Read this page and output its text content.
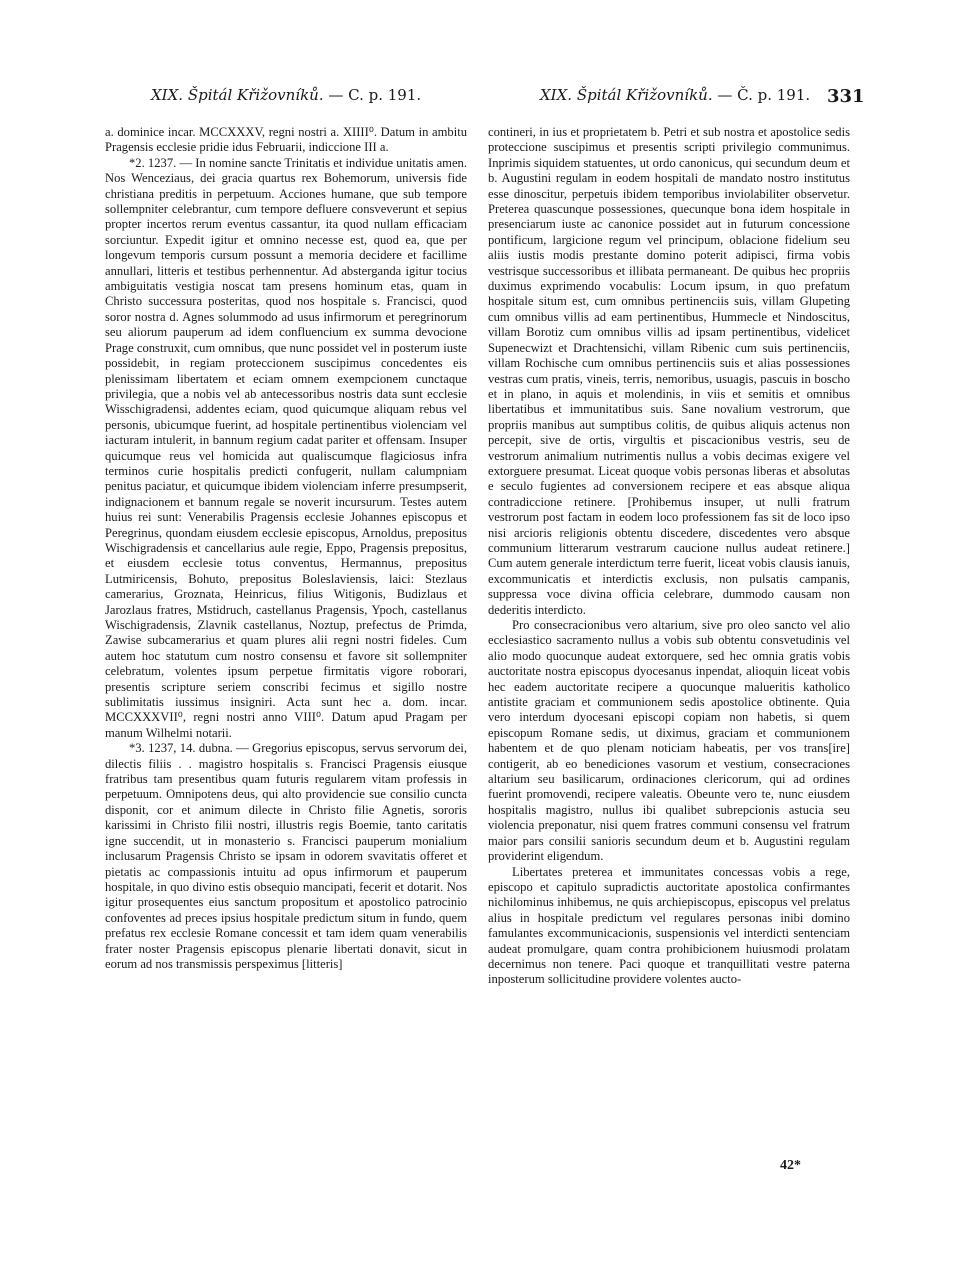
XIX. Špitál Křižovníků. — C. p. 191.	XIX. Špitál Křižovníků. — Č. p. 191. 331

a. dominice incar. MCCXXXV, regni nostri a. XIIII⁰. Datum in ambitu Pragensis ecclesie pridie idus Februarii, indiccione III a.

*2. 1237. — In nomine sancte Trinitatis et individue unitatis amen. Nos Wenceziaus, dei gracia quartus rex Bohemorum, universis fide christiana preditis in perpetuum. Acciones humane, que sub tempore sollempniter celebrantur, cum tempore defluere consveverunt et sepius propter incertos rerum eventus cassantur, ita quod nullam efficaciam sorciuntur. Expedit igitur et omnino necesse est, quod ea, que per longevum temporis cursum possunt a memoria decidere et facillime annullari, litteris et testibus perhennentur. Ad absterganda igitur tocius ambiguitatis vestigia noscat tam presens hominum etas, quam in Christo successura posteritas, quod nos hospitale s. Francisci, quod soror nostra d. Agnes solummodo ad usus infirmorum et peregrinorum seu aliorum pauperum ad idem confluencium ex summa devocione Prage construxit, cum omnibus, que nunc possidet vel in posterum iuste possidebit, in regiam proteccionem suscipimus concedentes eis plenissimam libertatem et eciam omnem exempcionem cunctaque privilegia, que a nobis vel ab antecessoribus nostris data sunt ecclesie Wisschigradensi, addentes eciam, quod quicumque aliquam rebus vel personis, ubicumque fuerint, ad hospitale pertinentibus violenciam vel iacturam intulerit, in bannum regium cadat pariter et offensam. Insuper quicumque reus vel homicida aut qualiscumque flagiciosus infra terminos curie hospitalis predicti confugerit, nullam calumpniam penitus paciatur, et quicumque ibidem violenciam inferre presumpserit, indignacionem et bannum regale se noverit incursurum. Testes autem huius rei sunt: Venerabilis Pragensis ecclesie Johannes episcopus et Peregrinus, quondam eiusdem ecclesie episcopus, Arnoldus, prepositus Wischigradensis et cancellarius aule regie, Eppo, Pragensis prepositus, et eiusdem ecclesie totus conventus, Hermannus, prepositus Lutmiricensis, Bohuto, prepositus Boleslaviensis, laici: Stezlaus camerarius, Groznata, Heinricus, filius Witigonis, Budizlaus et Jarozlaus fratres, Mstidruch, castellanus Pragensis, Ypoch, castellanus Wischigradensis, Zlavnik castellanus, Noztup, prefectus de Primda, Zawise subcamerarius et quam plures alii regni nostri fideles. Cum autem hoc statutum cum nostro consensu et favore sit sollempniter celebratum, volentes ipsum perpetue firmitatis vigore roborari, presentis scripture seriem conscribi fecimus et sigillo nostre sublimitatis iussimus insigniri. Acta sunt hec a. dom. incar. MCCXXXVII⁰, regni nostri anno VIII⁰. Datum apud Pragam per manum Wilhelmi notarii.

*3. 1237, 14. dubna. — Gregorius episcopus, servus servorum dei, dilectis filiis . . magistro hospitalis s. Francisci Pragensis eiusque fratribus tam presentibus quam futuris regularem vitam professis in perpetuum. Omnipotens deus, qui alto providencie sue consilio cuncta disponit, cor et animum dilecte in Christo filie Agnetis, sororis karissimi in Christo filii nostri, illustris regis Boemie, tanto caritatis igne succendit, ut in monasterio s. Francisci pauperum monialium inclusarum Pragensis Christo se ipsam in odorem svavitatis offeret et pietatis ac compassionis intuitu ad opus infirmorum et pauperum hospitale, in quo divino estis obsequio mancipati, fecerit et dotarit. Nos igitur prosequentes eius sanctum propositum et apostolico patrocinio confoventes ad preces ipsius hospitale predictum situm in fundo, quem prefatus rex ecclesie Romane concessit et tam idem quam venerabilis frater noster Pragensis episcopus plenarie libertati donavit, sicut in eorum ad nos transmissis perspeximus [litteris]

contineri, in ius et proprietatem b. Petri et sub nostra et apostolice sedis proteccione suscipimus et presentis scripti privilegio communimus. Inprimis siquidem statuentes, ut ordo canonicus, qui secundum deum et b. Augustini regulam in eodem hospitali de mandato nostro institutus esse dinoscitur, perpetuis ibidem temporibus inviolabiliter observetur. Preterea quascunque possessiones, quecunque bona idem hospitale in presenciarum iuste ac canonice possidet aut in futurum concessione pontificum, largicione regum vel principum, oblacione fidelium seu aliis iustis modis prestante domino poterit adipisci, firma vobis vestrisque successoribus et illibata permaneant. De quibus hec propriis duximus exprimendo vocabulis: Locum ipsum, in quo prefatum hospitale situm est, cum omnibus pertinenciis suis, villam Glupeting cum omnibus villis ad eam pertinentibus, Hummecle et Nindoscitus, villam Borotiz cum omnibus villis ad ipsam pertinentibus, videlicet Supenecwizt et Drachtensichi, villam Ribenic cum suis pertinenciis, villam Rochische cum omnibus pertinenciis suis et alias possessiones vestras cum pratis, vineis, terris, nemoribus, usuagis, pascuis in boscho et in plano, in aquis et molendinis, in viis et semitis et omnibus libertatibus et immunitatibus suis. Sane novalium vestrorum, que propriis manibus aut sumptibus colitis, de quibus aliquis actenus non percepit, sive de ortis, virgultis et piscacionibus vestris, seu de vestrorum animalium nutrimentis nullus a vobis decimas exigere vel extorguere presumat. Liceat quoque vobis personas liberas et absolutas e seculo fugientes ad conversionem recipere et eas absque aliqua contradiccione retinere. [Prohibemus insuper, ut nulli fratrum vestrorum post factam in eodem loco professionem fas sit de loco ipso nisi arcioris religionis obtentu discedere, discedentes vero absque communium litterarum vestrarum caucione nullus audeat retinere.] Cum autem generale interdictum terre fuerit, liceat vobis clausis ianuis, excommunicatis et interdictis exclusis, non pulsatis campanis, suppressa voce divina officia celebrare, dummodo causam non dederitis interdicto.

Pro consecracionibus vero altarium, sive pro oleo sancto vel alio ecclesiastico sacramento nullus a vobis sub obtentu consvetudinis vel alio modo quocunque audeat extorquere, sed hec omnia gratis vobis auctoritate nostra episcopus dyocesanus inpendat, alioquin liceat vobis hec eadem auctoritate recipere a quocunque malueritis katholico antistite graciam et communionem sedis apostolice obtinente. Quia vero interdum dyocesani episcopi copiam non habetis, si quem episcopum Romane sedis, ut diximus, graciam et communionem habentem et de quo plenam noticiam habeatis, per vos trans[ire] contigerit, ab eo benediciones vasorum et vestium, consecraciones altarium seu basilicarum, ordinaciones clericorum, qui ad ordines fuerint promovendi, recipere valeatis. Obeunte vero te, nunc eiusdem hospitalis magistro, nullus ibi qualibet subrepcionis astucia seu violencia preponatur, nisi quem fratres communi consensu vel fratrum maior pars consilii sanioris secundum deum et b. Augustini regulam providerint eligendum.

Libertates preterea et immunitates concessas vobis a rege, episcopo et capitulo supradictis auctoritate apostolica confirmantes nichilominus inhibemus, ne quis archiepiscopus, episcopus vel prelatus alius in hospitale predictum vel regulares personas inibi domino famulantes excommunicacionis, suspensionis vel interdicti sentenciam audeat promulgare, quam contra prohibicionem huiusmodi prolatam decernimus non tenere. Paci quoque et tranquillitati vestre paterna inposterum sollicitudine providere volentes aucto-

42*
